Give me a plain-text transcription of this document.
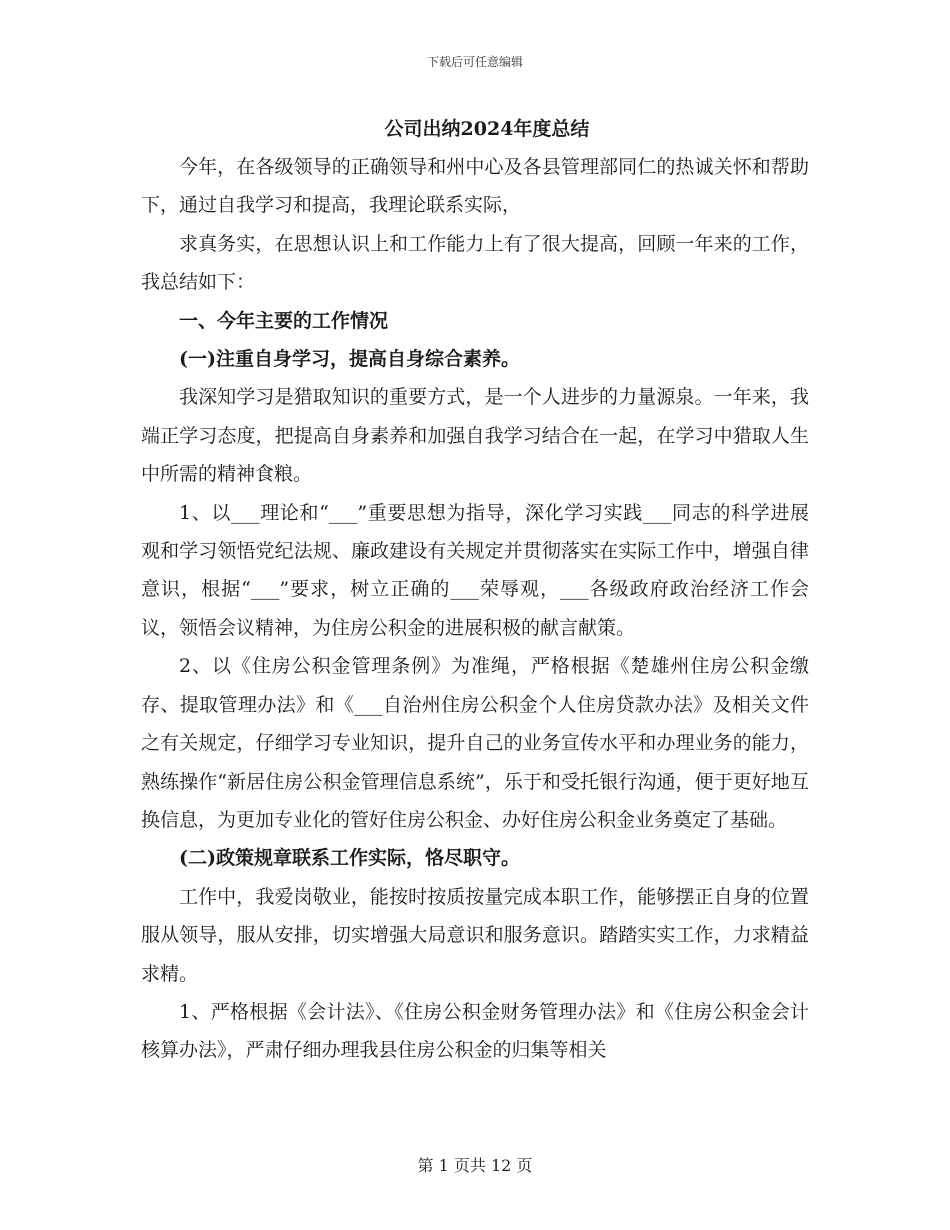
下载后可任意编辑
公司出纳2024年度总结

今年，在各级领导的正确领导和州中心及各县管理部同仁的热诚关怀和帮助下，通过自我学习和提高，我理论联系实际，

求真务实，在思想认识上和工作能力上有了很大提高，回顾一年来的工作，我总结如下：

一、今年主要的工作情况

(一)注重自身学习，提高自身综合素养。

我深知学习是猎取知识的重要方式，是一个人进步的力量源泉。一年来，我端正学习态度，把提高自身素养和加强自我学习结合在一起，在学习中猎取人生中所需的精神食粮。

1、以___理论和“___”重要思想为指导，深化学习实践___同志的科学进展观和学习领悟党纪法规、廉政建设有关规定并贯彻落实在实际工作中，增强自律意识，根据“___”要求，树立正确的___荣辱观，___各级政府政治经济工作会议，领悟会议精神，为住房公积金的进展积极的献言献策。

2、以《住房公积金管理条例》为准绳，严格根据《楚雄州住房公积金缴存、提取管理办法》和《___自治州住房公积金个人住房贷款办法》及相关文件之有关规定，仔细学习专业知识，提升自己的业务宣传水平和办理业务的能力，熟练操作“新居住房公积金管理信息系统”，乐于和受托银行沟通，便于更好地互换信息，为更加专业化的管好住房公积金、办好住房公积金业务奠定了基础。

(二)政策规章联系工作实际，恪尽职守。

工作中，我爱岗敬业，能按时按质按量完成本职工作，能够摆正自身的位置服从领导，服从安排，切实增强大局意识和服务意识。踏踏实实工作，力求精益求精。

1、严格根据《会计法》、《住房公积金财务管理办法》和《住房公积金会计核算办法》，严肃仔细办理我县住房公积金的归集等相关

第 1 页共 12 页
